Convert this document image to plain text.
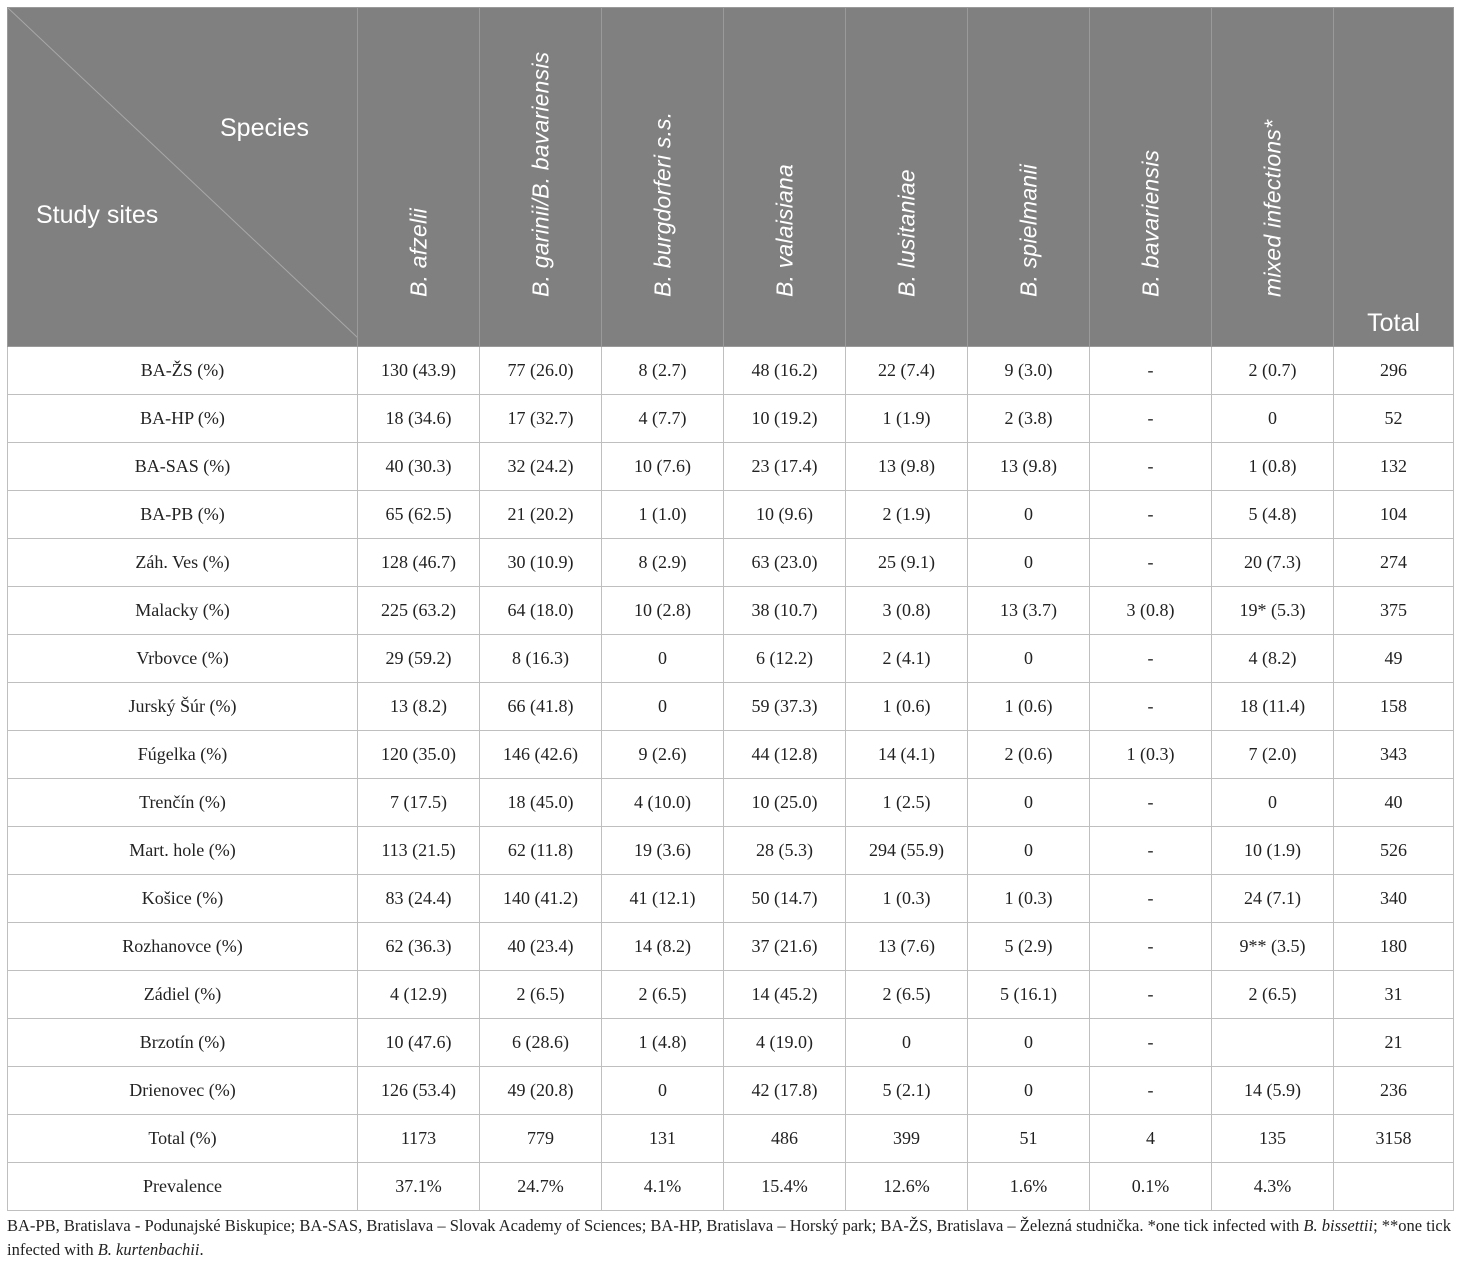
Species
Study sites	B. afzelii	B. garinii/B. bavariensis	B. burgdorferi s.s.	B. valaisiana	B. lusitaniae	B. spielmanii	B. bavariensis	mixed infections*	Total
BA-ŽS (%)	130 (43.9)	77 (26.0)	8 (2.7)	48 (16.2)	22 (7.4)	9 (3.0)	-	2 (0.7)	296
BA-HP (%)	18 (34.6)	17 (32.7)	4 (7.7)	10 (19.2)	1 (1.9)	2 (3.8)	-	0	52
BA-SAS (%)	40 (30.3)	32 (24.2)	10 (7.6)	23 (17.4)	13 (9.8)	13 (9.8)	-	1 (0.8)	132
BA-PB (%)	65 (62.5)	21 (20.2)	1 (1.0)	10 (9.6)	2 (1.9)	0	-	5 (4.8)	104
Záh. Ves (%)	128 (46.7)	30 (10.9)	8 (2.9)	63 (23.0)	25 (9.1)	0	-	20 (7.3)	274
Malacky (%)	225 (63.2)	64 (18.0)	10 (2.8)	38 (10.7)	3 (0.8)	13 (3.7)	3 (0.8)	19* (5.3)	375
Vrbovce (%)	29 (59.2)	8 (16.3)	0	6 (12.2)	2 (4.1)	0	-	4 (8.2)	49
Jurský Šúr (%)	13 (8.2)	66 (41.8)	0	59 (37.3)	1 (0.6)	1 (0.6)	-	18 (11.4)	158
Fúgelka (%)	120 (35.0)	146 (42.6)	9 (2.6)	44 (12.8)	14 (4.1)	2 (0.6)	1 (0.3)	7 (2.0)	343
Trenčín (%)	7 (17.5)	18 (45.0)	4 (10.0)	10 (25.0)	1 (2.5)	0	-	0	40
Mart. hole (%)	113 (21.5)	62 (11.8)	19 (3.6)	28 (5.3)	294 (55.9)	0	-	10 (1.9)	526
Košice (%)	83 (24.4)	140 (41.2)	41 (12.1)	50 (14.7)	1 (0.3)	1 (0.3)	-	24 (7.1)	340
Rozhanovce (%)	62 (36.3)	40 (23.4)	14 (8.2)	37 (21.6)	13 (7.6)	5 (2.9)	-	9** (3.5)	180
Zádiel (%)	4 (12.9)	2 (6.5)	2 (6.5)	14 (45.2)	2 (6.5)	5 (16.1)	-	2 (6.5)	31
Brzotín (%)	10 (47.6)	6 (28.6)	1 (4.8)	4 (19.0)	0	0	-		21
Drienovec (%)	126 (53.4)	49 (20.8)	0	42 (17.8)	5 (2.1)	0	-	14 (5.9)	236
Total (%)	1173	779	131	486	399	51	4	135	3158
Prevalence	37.1%	24.7%	4.1%	15.4%	12.6%	1.6%	0.1%	4.3%	
BA-PB, Bratislava - Podunajské Biskupice; BA-SAS, Bratislava – Slovak Academy of Sciences; BA-HP, Bratislava – Horský park; BA-ŽS, Bratislava – Železná studnička. *one tick infected with B. bissettii; **one tick infected with B. kurtenbachii.
